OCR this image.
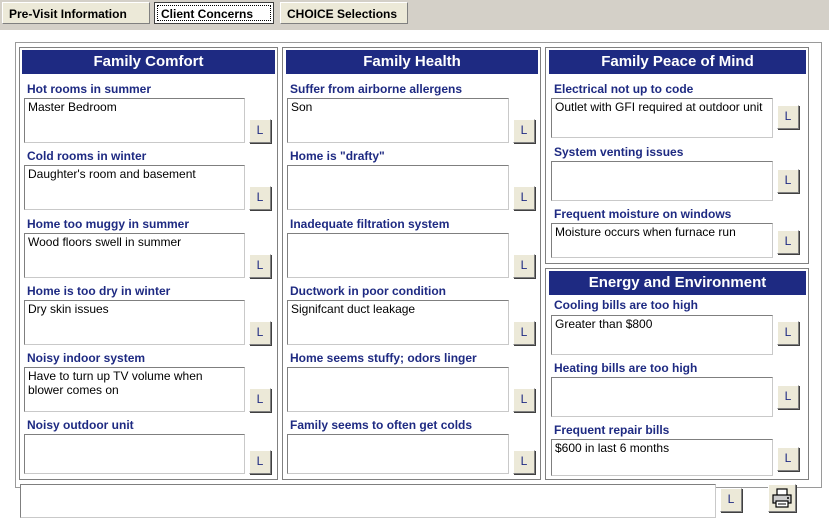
Pre-Visit Information	Client Concerns	CHOICE Selections
Family Comfort
Hot rooms in summer
Master Bedroom
L
Cold rooms in winter
Daughter's room and basement
L
Home too muggy in summer
Wood floors swell in summer
L
Home is too dry in winter
Dry skin issues
L
Noisy indoor system
Have to turn up TV volume when blower comes on
L
Noisy outdoor unit
L
Family Health
Suffer from airborne allergens
Son
L
Home is "drafty"
L
Inadequate filtration system
L
Ductwork in poor condition
Signifcant duct leakage
L
Home seems stuffy; odors linger
L
Family seems to often get colds
L
Family Peace of Mind
Electrical not up to code
Outlet with GFI required at outdoor unit
L
System venting issues
L
Frequent moisture on windows
Moisture occurs when furnace run
L
Energy and Environment
Cooling bills are too high
Greater than $800
L
Heating bills are too high
L
Frequent repair bills
$600 in last 6 months
L
L
